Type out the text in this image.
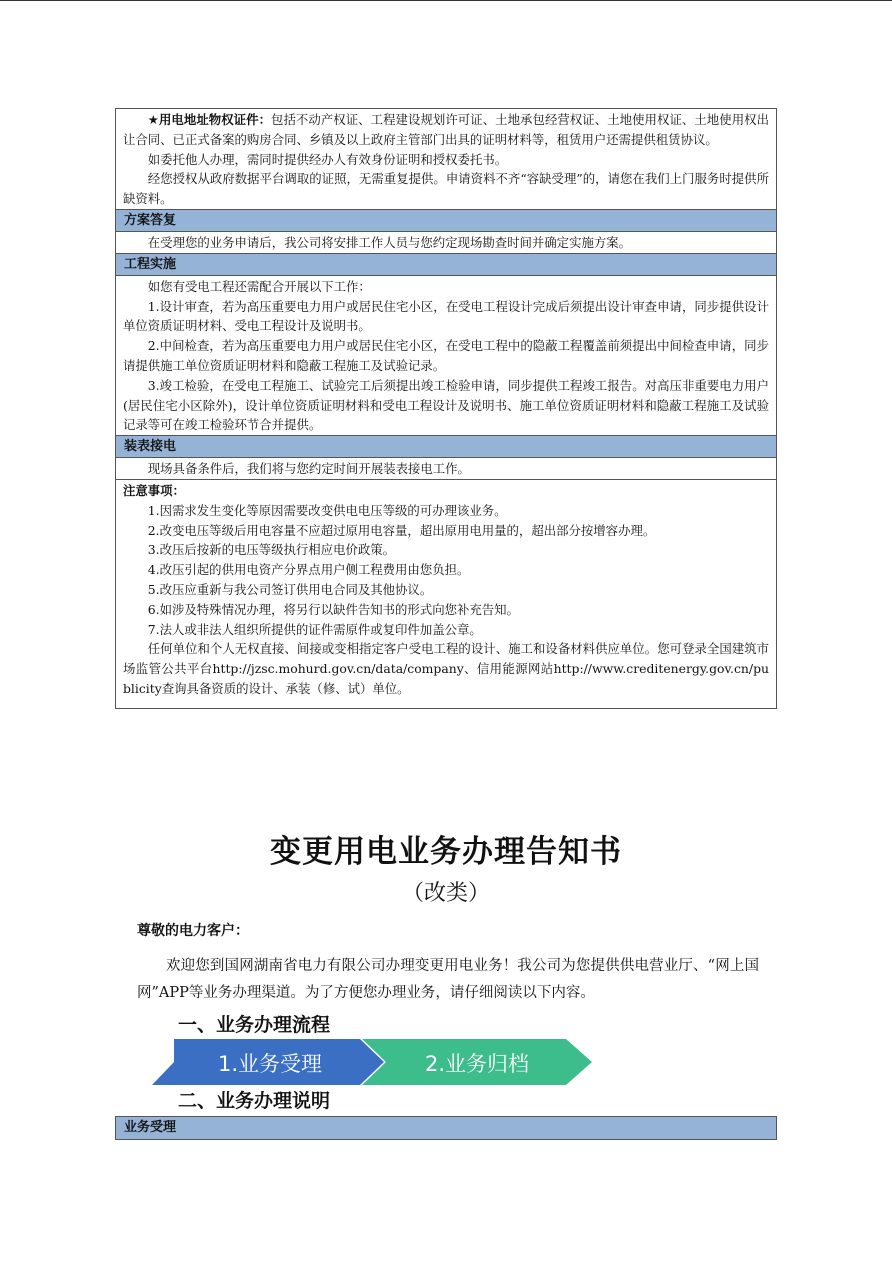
★用电地址物权证件：包括不动产权证、工程建设规划许可证、土地承包经营权证、土地使用权证、土地使用权出让合同、已正式备案的购房合同、乡镇及以上政府主管部门出具的证明材料等，租赁用户还需提供租赁协议。

如委托他人办理，需同时提供经办人有效身份证明和授权委托书。

经您授权从政府数据平台调取的证照，无需重复提供。申请资料不齐“容缺受理”的，请您在我们上门服务时提供所缺资料。

方案答复

在受理您的业务申请后，我公司将安排工作人员与您约定现场勘查时间并确定实施方案。

工程实施

如您有受电工程还需配合开展以下工作：

1.设计审查，若为高压重要电力用户或居民住宅小区，在受电工程设计完成后须提出设计审查申请，同步提供设计单位资质证明材料、受电工程设计及说明书。

2.中间检查，若为高压重要电力用户或居民住宅小区，在受电工程中的隐蔽工程覆盖前须提出中间检查申请，同步请提供施工单位资质证明材料和隐蔽工程施工及试验记录。

3.竣工检验，在受电工程施工、试验完工后须提出竣工检验申请，同步提供工程竣工报告。对高压非重要电力用户(居民住宅小区除外)，设计单位资质证明材料和受电工程设计及说明书、施工单位资质证明材料和隐蔽工程施工及试验记录等可在竣工检验环节合并提供。

装表接电

现场具备条件后，我们将与您约定时间开展装表接电工作。

注意事项：

1.因需求发生变化等原因需要改变供电电压等级的可办理该业务。

2.改变电压等级后用电容量不应超过原用电容量，超出原用电用量的，超出部分按增容办理。

3.改压后按新的电压等级执行相应电价政策。

4.改压引起的供用电资产分界点用户侧工程费用由您负担。

5.改压应重新与我公司签订供用电合同及其他协议。

6.如涉及特殊情况办理，将另行以缺件告知书的形式向您补充告知。

7.法人或非法人组织所提供的证件需原件或复印件加盖公章。

任何单位和个人无权直接、间接或变相指定客户受电工程的设计、施工和设备材料供应单位。您可登录全国建筑市场监管公共平台http://jzsc.mohurd.gov.cn/data/company、信用能源网站http://www.creditenergy.gov.cn/publicity查询具备资质的设计、承装（修、试）单位。

变更用电业务办理告知书
（改类）
尊敬的电力客户：
欢迎您到国网湖南省电力有限公司办理变更用电业务！我公司为您提供供电营业厅、“网上国网”APP等业务办理渠道。为了方便您办理业务，请仔细阅读以下内容。
一、业务办理流程
1.业务受理	2.业务归档
二、业务办理说明
业务受理
